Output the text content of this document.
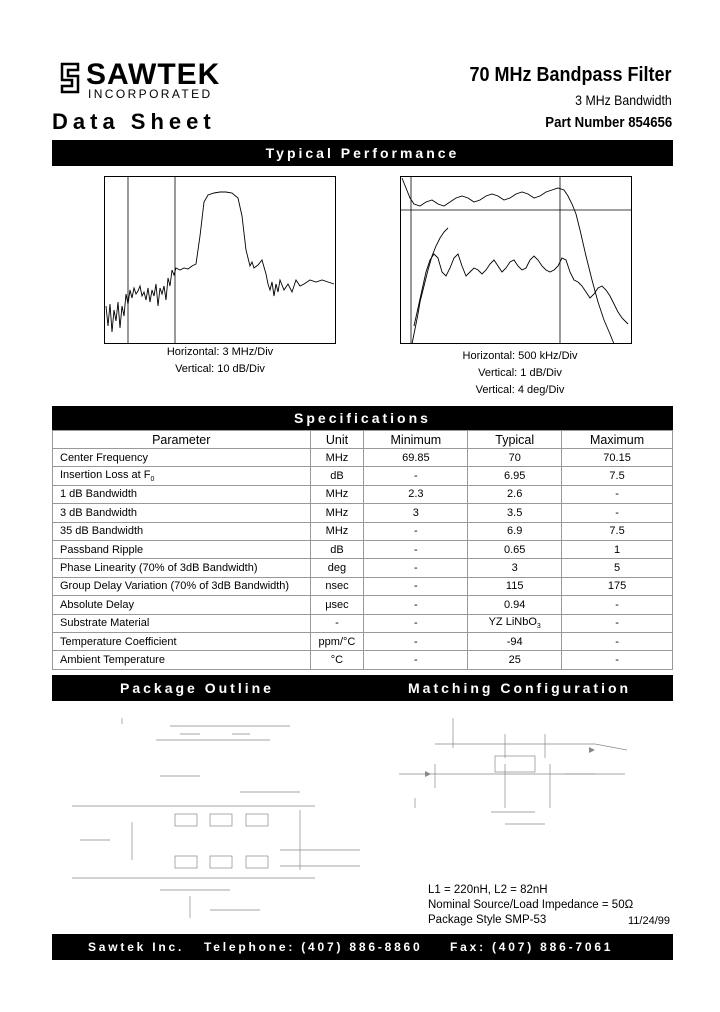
SAWTEK
INCORPORATED
70 MHz Bandpass Filter
3 MHz Bandwidth
Part Number 854656
Data Sheet
Typical Performance
Horizontal: 3 MHz/Div
Vertical: 10 dB/Div
Horizontal: 500 kHz/Div
Vertical: 1 dB/Div
Vertical: 4 deg/Div
Specifications
Parameter	Unit	Minimum	Typical	Maximum
Center Frequency	MHz	69.85	70	70.15
Insertion Loss at $F_0$	dB	-	6.95	7.5
1 dB Bandwidth	MHz	2.3	2.6	-
3 dB Bandwidth	MHz	3	3.5	-
35 dB Bandwidth	MHz	-	6.9	7.5
Passband Ripple	dB	-	0.65	1
Phase Linearity (70% of 3dB Bandwidth)	deg	-	3	5
Group Delay Variation (70% of 3dB Bandwidth)	nsec	-	115	175
Absolute Delay	μsec	-	0.94	-
Substrate Material	-	-	YZ LiNbO$_3$	-
Temperature Coefficient	ppm/°C	-	-94	-
Ambient Temperature	°C	-	25	-
Package Outline	Matching Configuration
L1 = 220nH, L2 = 82nH
Nominal Source/Load Impedance = 50Ω
Package Style SMP-53	11/24/99
Sawtek Inc. Telephone: (407) 886-8860 Fax: (407) 886-7061
